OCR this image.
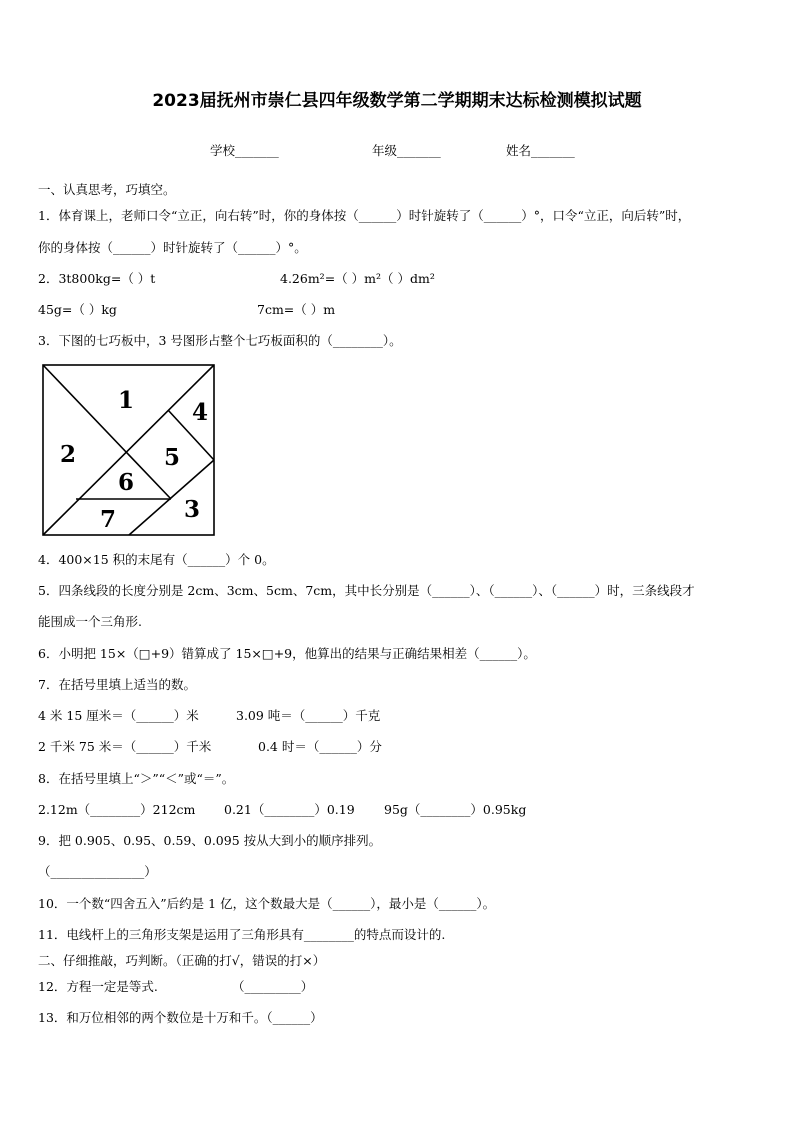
2023届抚州市崇仁县四年级数学第二学期期末达标检测模拟试题
学校_______	年级_______	姓名_______
一、认真思考，巧填空。
1．体育课上，老师口令“立正，向右转”时，你的身体按（______）时针旋转了（______）°，口令“立正，向后转”时，
你的身体按（______）时针旋转了（______）°。
2．3t800kg=（ ）t	4.26m²=（ ）m²（ ）dm²
45g=（ ）kg	7cm=（ ）m
3．下图的七巧板中，3 号图形占整个七巧板面积的（________）。
1
2
3
4
5
6
7
4．400×15 积的末尾有（______）个 0。
5．四条线段的长度分别是 2cm、3cm、5cm、7cm，其中长分别是（______）、（______）、（______）时，三条线段才
能围成一个三角形.
6．小明把 15×（□+9）错算成了 15×□+9，他算出的结果与正确结果相差（______）。
7．在括号里填上适当的数。
4 米 15 厘米＝（______）米	3.09 吨＝（______）千克
2 千米 75 米＝（______）千米	0.4 时＝（______）分
8．在括号里填上“＞”“＜”或“＝”。
2.12m（________）212cm 0.21（________）0.19 95g（________）0.95kg
9．把 0.905、0.95、0.59、0.095 按从大到小的顺序排列。
（_______________）
10．一个数“四舍五入”后约是 1 亿，这个数最大是（______），最小是（______）。
11．电线杆上的三角形支架是运用了三角形具有________的特点而设计的.
二、仔细推敲，巧判断。（正确的打√，错误的打×）
12．方程一定是等式.	（_________）
13．和万位相邻的两个数位是十万和千。（______）
